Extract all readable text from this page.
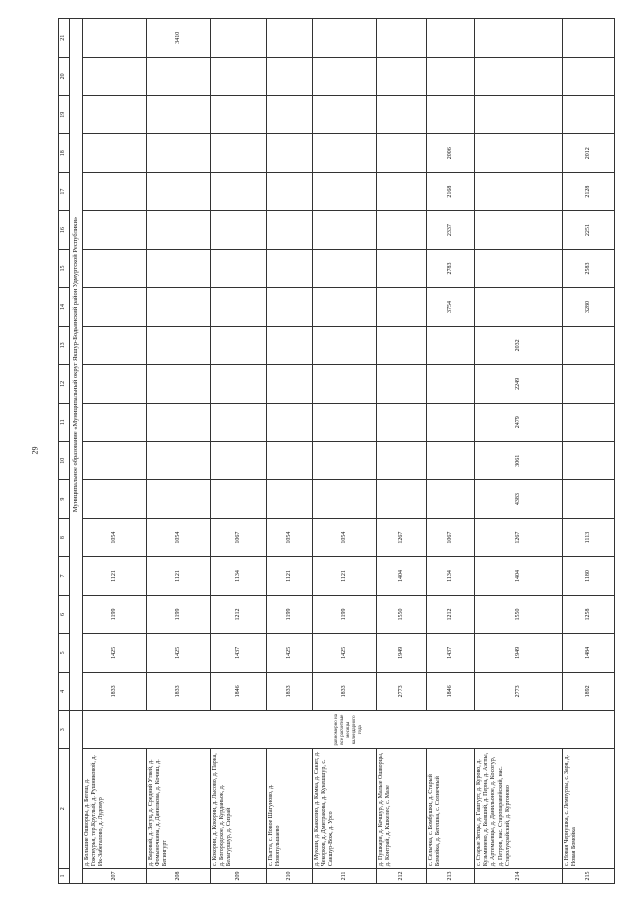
29
1	2	3	4	5	6	7	8	9	10	11	12	13	14	15	16	17	18	19	20	21
			Муниципальное образование «Муниципальный округ Якшур-Бодьинский район Удмуртской Республики»																	
207	д. Большие Ошворцы, д. Бегеш, д. Гожтнурья, тер.Круглый, д. Рушниковой, д. Ик-Забегалово, д. Лудомур	равномерно на все расчетные месяцы календарного года	1833	1425	1199	1121	1054													
208	д. Варовай, д. Зегуц, д. Средний Утвей, д. Фомыночкина, д. Данилкова, д. Кочиш, д. Бегингурт		1833	1425	1199	1121	1054													3410
209	с. Кокорни, д. Кокорни, д. Лысово, д. Парка, д. Богородское, д. Курданьок, д. Белагуршур, д. Сизрай		1846	1437	1212	1134	1067													
210	с. Пыгта, с. Новое Шагуново, д. Новопульшаево		1833	1425	1199	1121	1054													
211	д. Мукши, д. Кааколио, д. Камка, д. Сакит, д. Чекорков, д. Дмитракова, д. Кукешшур, с. Сакшур-Вож, д. Урсо		1833	1425	1199	1121	1054													
212	д. Пушкари, д. Кечшур, д. Малые Ошворцы, д. Контрай, д. Кшкелес, с. Мазе		2773	1949	1550	1404	1267													
213	с. Селычка, с. Бомбушки, д. Старый Бомойка, д. Бегешка, с. Солнечный		1846	1437	1212	1134	1067						3754	2783	2337	2168	2006			
214	с. Старые Зятцы, д. Гашгурт, д. Курово, д. Кузьминено, д. Бывший, д. Перна, д. Аэгпы, д. Артемьевцы, д. Данильоное, д. Косогур, д. Петров, нас. Старопаравейский, нас. Старолукрайский, д. Кургоново		2773	1949	1550	1404	1267	4383	3061	2479	2249	2032								
215	с. Новая Чернушка, с. Лемпурзы, с. Заря, д. Новая Бомойка		1892	1484	1258	1180	1113						3280	2583	2251	2128	2012			
